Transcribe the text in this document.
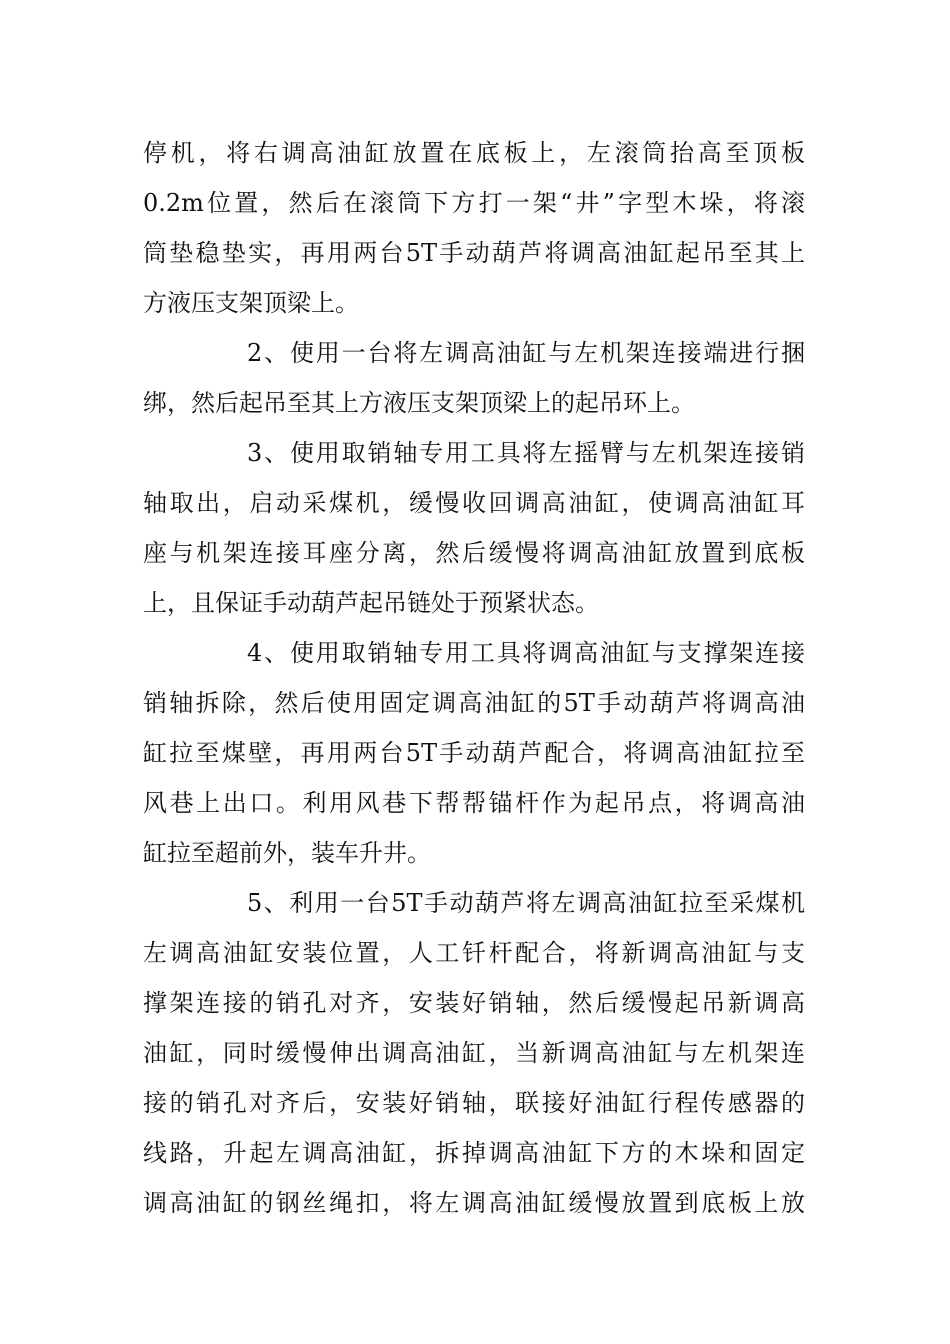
停机，将右调高油缸放置在底板上，左滚筒抬高至顶板
0.2m位置，然后在滚筒下方打一架“井”字型木垛，将滚
筒垫稳垫实，再用两台5T手动葫芦将调高油缸起吊至其上
方液压支架顶梁上。
2、使用一台将左调高油缸与左机架连接端进行捆
绑，然后起吊至其上方液压支架顶梁上的起吊环上。
3、使用取销轴专用工具将左摇臂与左机架连接销
轴取出，启动采煤机，缓慢收回调高油缸，使调高油缸耳
座与机架连接耳座分离，然后缓慢将调高油缸放置到底板
上，且保证手动葫芦起吊链处于预紧状态。
4、使用取销轴专用工具将调高油缸与支撑架连接
销轴拆除，然后使用固定调高油缸的5T手动葫芦将调高油
缸拉至煤壁，再用两台5T手动葫芦配合，将调高油缸拉至
风巷上出口。利用风巷下帮帮锚杆作为起吊点，将调高油
缸拉至超前外，装车升井。
5、利用一台5T手动葫芦将左调高油缸拉至采煤机
左调高油缸安装位置，人工钎杆配合，将新调高油缸与支
撑架连接的销孔对齐，安装好销轴，然后缓慢起吊新调高
油缸，同时缓慢伸出调高油缸，当新调高油缸与左机架连
接的销孔对齐后，安装好销轴，联接好油缸行程传感器的
线路，升起左调高油缸，拆掉调高油缸下方的木垛和固定
调高油缸的钢丝绳扣，将左调高油缸缓慢放置到底板上放
